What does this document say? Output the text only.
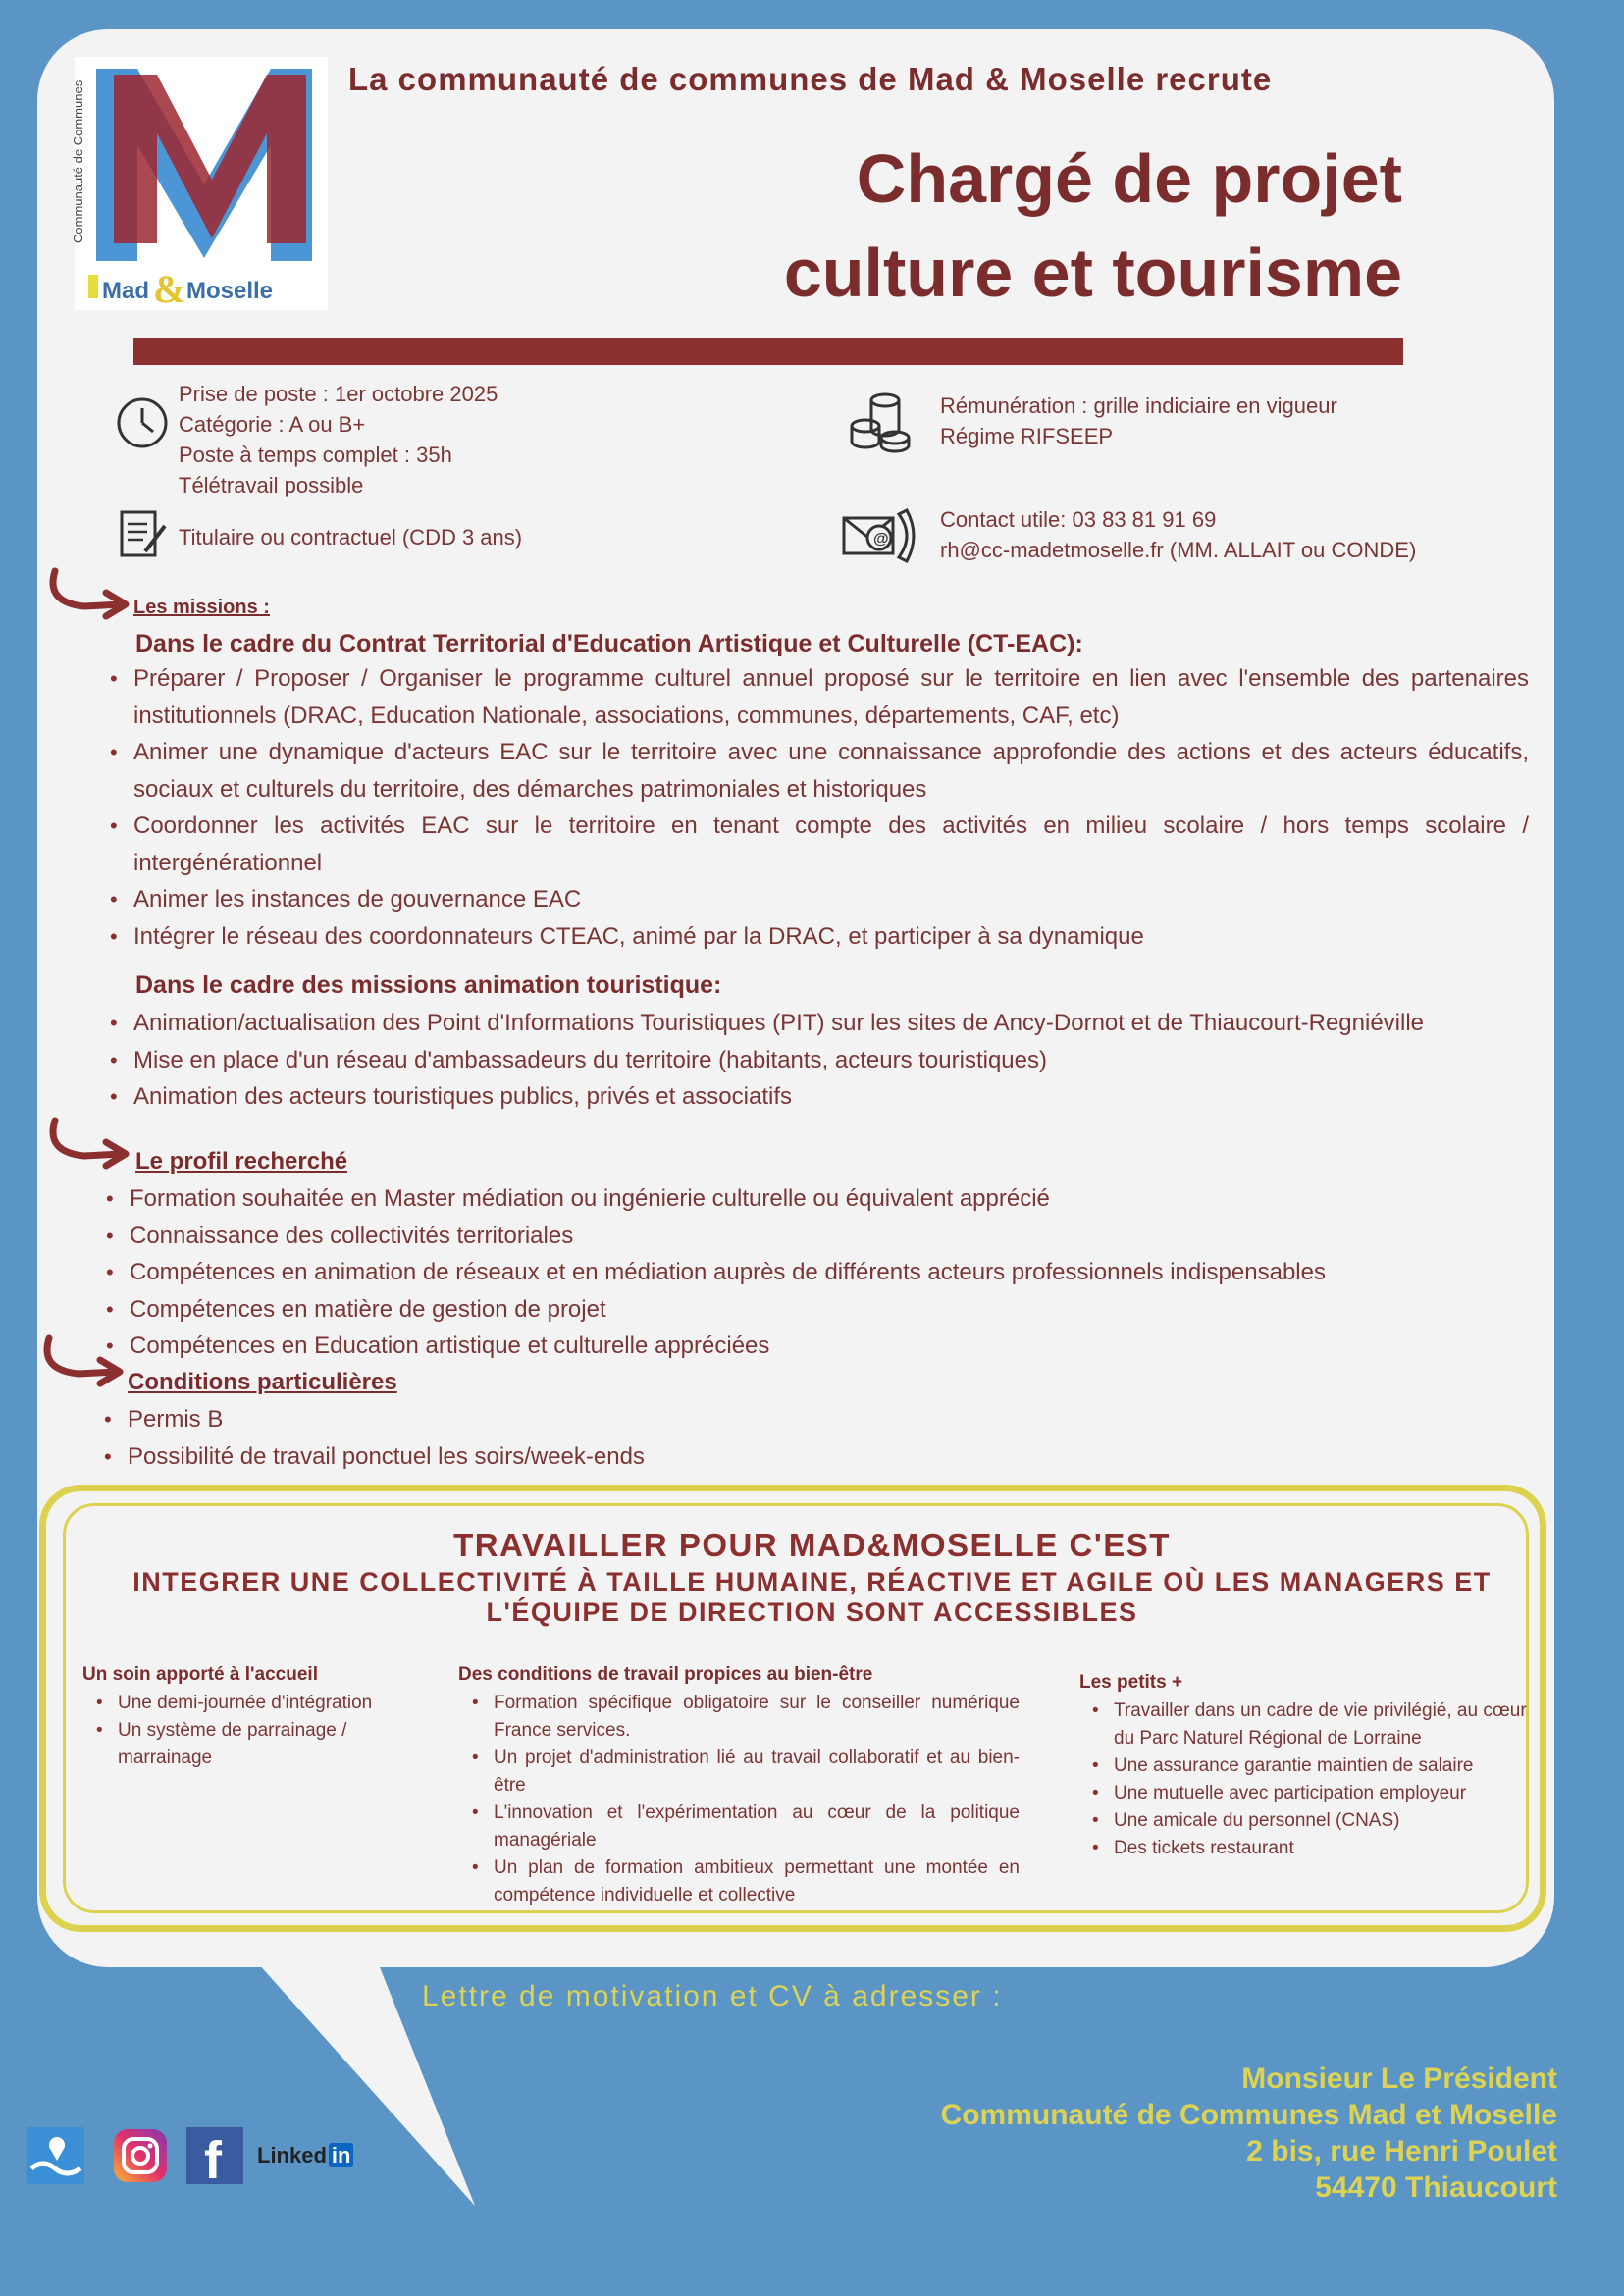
Communauté de Communes
Mad & Moselle
La communauté de communes de Mad & Moselle recrute
Chargé de projet
culture et tourisme
Prise de poste : 1er octobre 2025
Catégorie : A ou B+
Poste à temps complet : 35h
Télétravail possible
Titulaire ou contractuel (CDD 3 ans)
Rémunération : grille indiciaire en vigueur
Régime RIFSEEP
@
Contact utile: 03 83 81 91 69
rh@cc-madetmoselle.fr (MM. ALLAIT ou CONDE)
Les missions :
Dans le cadre du Contrat Territorial d'Education Artistique et Culturelle (CT-EAC):
• Préparer / Proposer / Organiser le programme culturel annuel proposé sur le territoire en lien avec l'ensemble des partenaires institutionnels (DRAC, Education Nationale, associations, communes, départements, CAF, etc)
• Animer une dynamique d'acteurs EAC sur le territoire avec une connaissance approfondie des actions et des acteurs éducatifs, sociaux et culturels du territoire, des démarches patrimoniales et historiques
• Coordonner les activités EAC sur le territoire en tenant compte des activités en milieu scolaire / hors temps scolaire / intergénérationnel
• Animer les instances de gouvernance EAC
• Intégrer le réseau des coordonnateurs CTEAC, animé par la DRAC, et participer à sa dynamique
Dans le cadre des missions animation touristique:
• Animation/actualisation des Point d'Informations Touristiques (PIT) sur les sites de Ancy-Dornot et de Thiaucourt-Regniéville
• Mise en place d'un réseau d'ambassadeurs du territoire (habitants, acteurs touristiques)
• Animation des acteurs touristiques publics, privés et associatifs
Le profil recherché
• Formation souhaitée en Master médiation ou ingénierie culturelle ou équivalent apprécié
• Connaissance des collectivités territoriales
• Compétences en animation de réseaux et en médiation auprès de différents acteurs professionnels indispensables
• Compétences en matière de gestion de projet
• Compétences en Education artistique et culturelle appréciées
Conditions particulières
• Permis B
• Possibilité de travail ponctuel les soirs/week-ends
TRAVAILLER POUR MAD&MOSELLE C'EST
INTEGRER UNE COLLECTIVITÉ À TAILLE HUMAINE, RÉACTIVE ET AGILE OÙ LES MANAGERS ET
L'ÉQUIPE DE DIRECTION SONT ACCESSIBLES
Un soin apporté à l'accueil
• Une demi-journée d'intégration
• Un système de parrainage / marrainage
Des conditions de travail propices au bien-être
• Formation spécifique obligatoire sur le conseiller numérique France services.
• Un projet d'administration lié au travail collaboratif et au bien-être
• L'innovation et l'expérimentation au cœur de la politique managériale
• Un plan de formation ambitieux permettant une montée en compétence individuelle et collective
Les petits +
• Travailler dans un cadre de vie privilégié, au cœur du Parc Naturel Régional de Lorraine
• Une assurance garantie maintien de salaire
• Une mutuelle avec participation employeur
• Une amicale du personnel (CNAS)
• Des tickets restaurant
Lettre de motivation et CV à adresser :
Monsieur Le Président
Communauté de Communes Mad et Moselle
2 bis, rue Henri Poulet
54470 Thiaucourt
f Linked in
